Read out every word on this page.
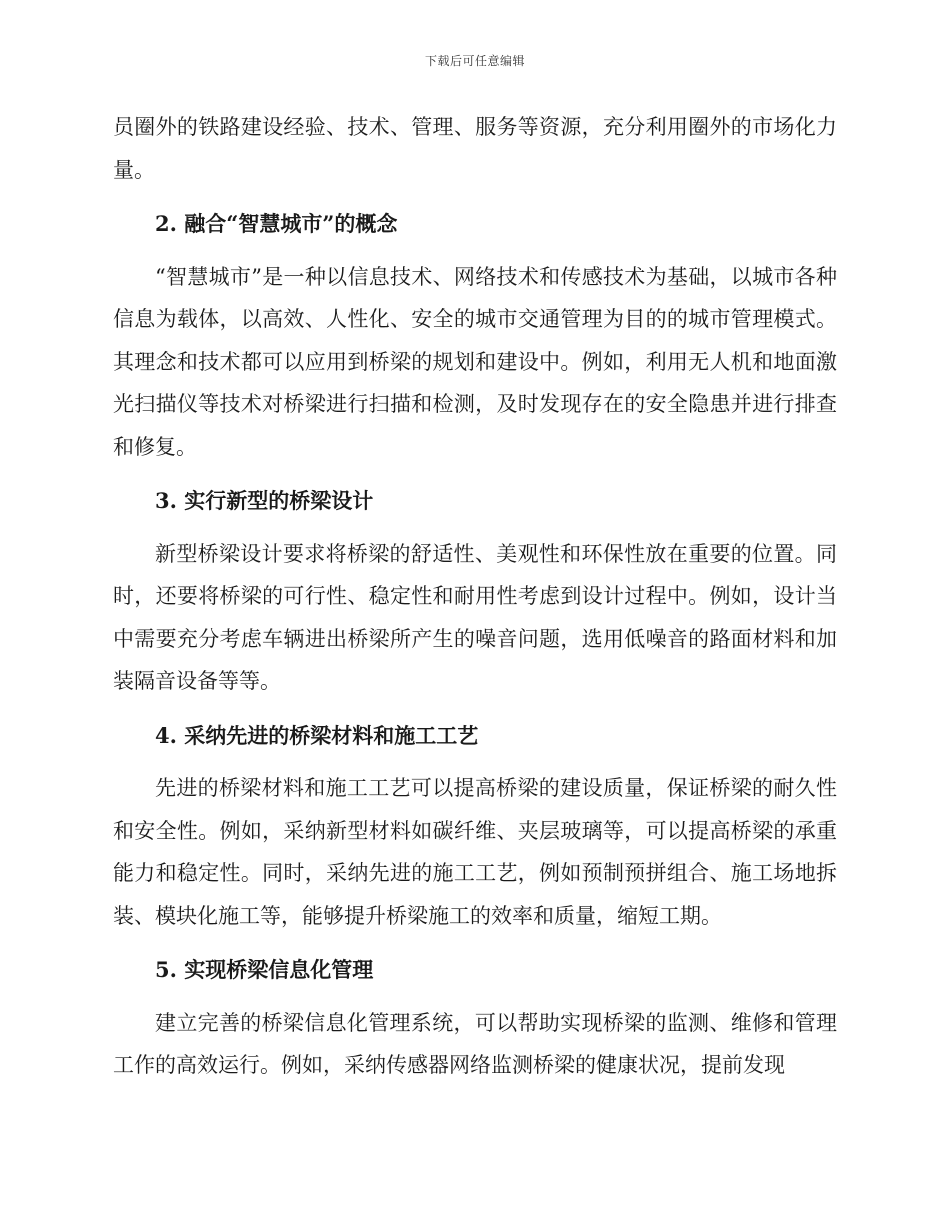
下载后可任意编辑

员圈外的铁路建设经验、技术、管理、服务等资源，充分利用圈外的市场化力量。

2. 融合“智慧城市”的概念

“智慧城市”是一种以信息技术、网络技术和传感技术为基础，以城市各种信息为载体，以高效、人性化、安全的城市交通管理为目的的城市管理模式。其理念和技术都可以应用到桥梁的规划和建设中。例如，利用无人机和地面激光扫描仪等技术对桥梁进行扫描和检测，及时发现存在的安全隐患并进行排查和修复。

3. 实行新型的桥梁设计

新型桥梁设计要求将桥梁的舒适性、美观性和环保性放在重要的位置。同时，还要将桥梁的可行性、稳定性和耐用性考虑到设计过程中。例如，设计当中需要充分考虑车辆进出桥梁所产生的噪音问题，选用低噪音的路面材料和加装隔音设备等等。

4. 采纳先进的桥梁材料和施工工艺

先进的桥梁材料和施工工艺可以提高桥梁的建设质量，保证桥梁的耐久性和安全性。例如，采纳新型材料如碳纤维、夹层玻璃等，可以提高桥梁的承重能力和稳定性。同时，采纳先进的施工工艺，例如预制预拼组合、施工场地拆装、模块化施工等，能够提升桥梁施工的效率和质量，缩短工期。

5. 实现桥梁信息化管理

建立完善的桥梁信息化管理系统，可以帮助实现桥梁的监测、维修和管理工作的高效运行。例如，采纳传感器网络监测桥梁的健康状况，提前发现
